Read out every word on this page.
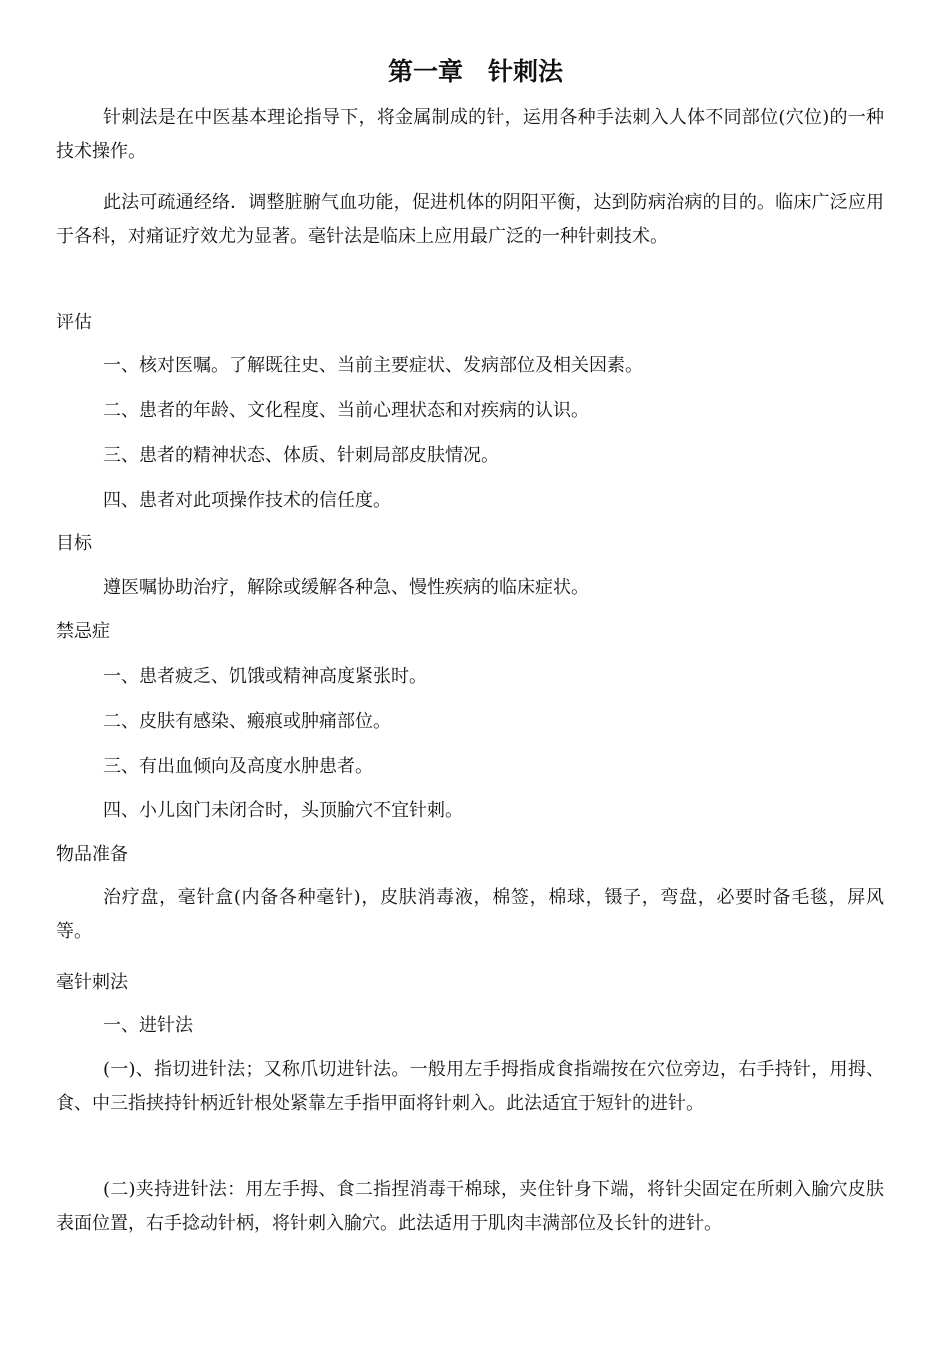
第一章　针刺法
针刺法是在中医基本理论指导下，将金属制成的针，运用各种手法刺入人体不同部位(穴位)的一种技术操作。
此法可疏通经络．调整脏腑气血功能，促进机体的阴阳平衡，达到防病治病的目的。临床广泛应用于各科，对痛证疗效尤为显著。毫针法是临床上应用最广泛的一种针刺技术。
评估
一、核对医嘱。了解既往史、当前主要症状、发病部位及相关因素。
二、患者的年龄、文化程度、当前心理状态和对疾病的认识。
三、患者的精神状态、体质、针刺局部皮肤情况。
四、患者对此项操作技术的信任度。
目标
遵医嘱协助治疗，解除或缓解各种急、慢性疾病的临床症状。
禁忌症
一、患者疲乏、饥饿或精神高度紧张时。
二、皮肤有感染、瘢痕或肿痛部位。
三、有出血倾向及高度水肿患者。
四、小儿囟门未闭合时，头顶腧穴不宜针刺。
物品准备
治疗盘，毫针盒(内备各种毫针)，皮肤消毒液，棉签，棉球，镊子，弯盘，必要时备毛毯，屏风等。
毫针刺法
一、进针法
(一)、指切进针法；又称爪切进针法。一般用左手拇指成食指端按在穴位旁边，右手持针，用拇、食、中三指挟持针柄近针根处紧靠左手指甲面将针刺入。此法适宜于短针的进针。
(二)夹持进针法：用左手拇、食二指捏消毒干棉球，夹住针身下端，将针尖固定在所刺入腧穴皮肤表面位置，右手捻动针柄，将针刺入腧穴。此法适用于肌肉丰满部位及长针的进针。
